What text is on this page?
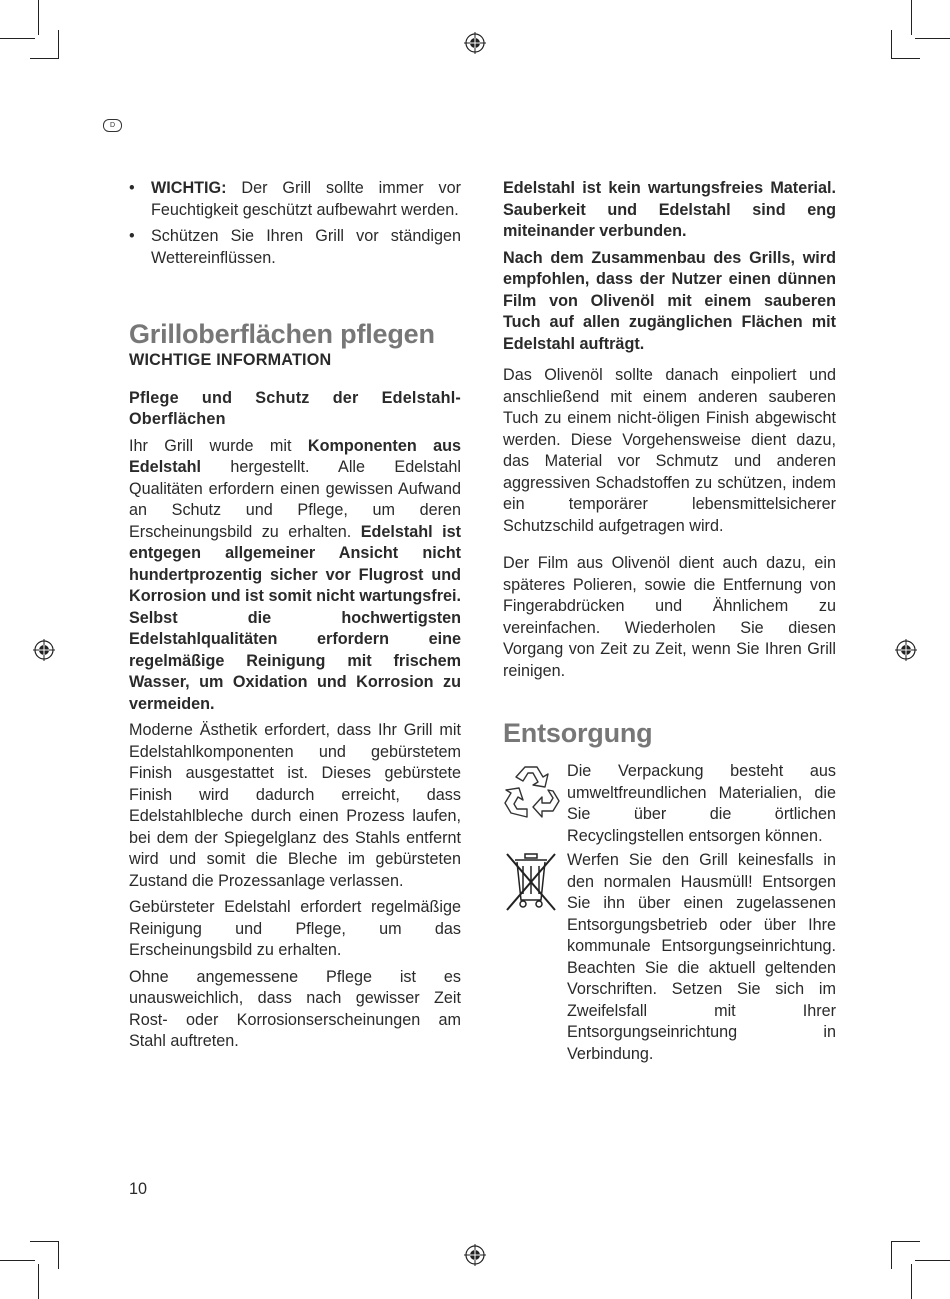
D
• WICHTIG: Der Grill sollte immer vor Feuchtigkeit geschützt aufbewahrt werden.
• Schützen Sie Ihren Grill vor ständigen Wettereinflüssen.
Grilloberflächen pflegen
WICHTIGE INFORMATION
Pflege und Schutz der Edelstahl-Oberflächen

Ihr Grill wurde mit Komponenten aus Edelstahl hergestellt. Alle Edelstahl Qualitäten erfordern einen gewissen Aufwand an Schutz und Pflege, um deren Erscheinungsbild zu erhalten. Edelstahl ist entgegen allgemeiner Ansicht nicht hundertprozentig sicher vor Flugrost und Korrosion und ist somit nicht wartungsfrei. Selbst die hochwertigsten Edelstahlqualitäten erfordern eine regelmäßige Reinigung mit frischem Wasser, um Oxidation und Korrosion zu vermeiden.

Moderne Ästhetik erfordert, dass Ihr Grill mit Edelstahlkomponenten und gebürstetem Finish ausgestattet ist. Dieses gebürstete Finish wird dadurch erreicht, dass Edelstahlbleche durch einen Prozess laufen, bei dem der Spiegelglanz des Stahls entfernt wird und somit die Bleche im gebürsteten Zustand die Prozessanlage verlassen.

Gebürsteter Edelstahl erfordert regelmäßige Reinigung und Pflege, um das Erscheinungsbild zu erhalten.

Ohne angemessene Pflege ist es unausweichlich, dass nach gewisser Zeit Rost- oder Korrosionserscheinungen am Stahl auftreten.

Edelstahl ist kein wartungsfreies Material. Sauberkeit und Edelstahl sind eng miteinander verbunden.

Nach dem Zusammenbau des Grills, wird empfohlen, dass der Nutzer einen dünnen Film von Olivenöl mit einem sauberen Tuch auf allen zugänglichen Flächen mit Edelstahl aufträgt.

Das Olivenöl sollte danach einpoliert und anschließend mit einem anderen sauberen Tuch zu einem nicht-öligen Finish abgewischt werden. Diese Vorgehensweise dient dazu, das Material vor Schmutz und anderen aggressiven Schadstoffen zu schützen, indem ein temporärer lebensmittelsicherer Schutzschild aufgetragen wird.

Der Film aus Olivenöl dient auch dazu, ein späteres Polieren, sowie die Entfernung von Fingerabdrücken und Ähnlichem zu vereinfachen. Wiederholen Sie diesen Vorgang von Zeit zu Zeit, wenn Sie Ihren Grill reinigen.

Entsorgung

Die Verpackung besteht aus umweltfreundlichen Materialien, die Sie über die örtlichen Recyclingstellen entsorgen können.

Werfen Sie den Grill keinesfalls in den normalen Hausmüll! Entsorgen Sie ihn über einen zugelassenen Entsorgungsbetrieb oder über Ihre kommunale Entsorgungseinrichtung. Beachten Sie die aktuell geltenden Vorschriften. Setzen Sie sich im Zweifelsfall mit Ihrer Entsorgungseinrichtung in Verbindung.

10
